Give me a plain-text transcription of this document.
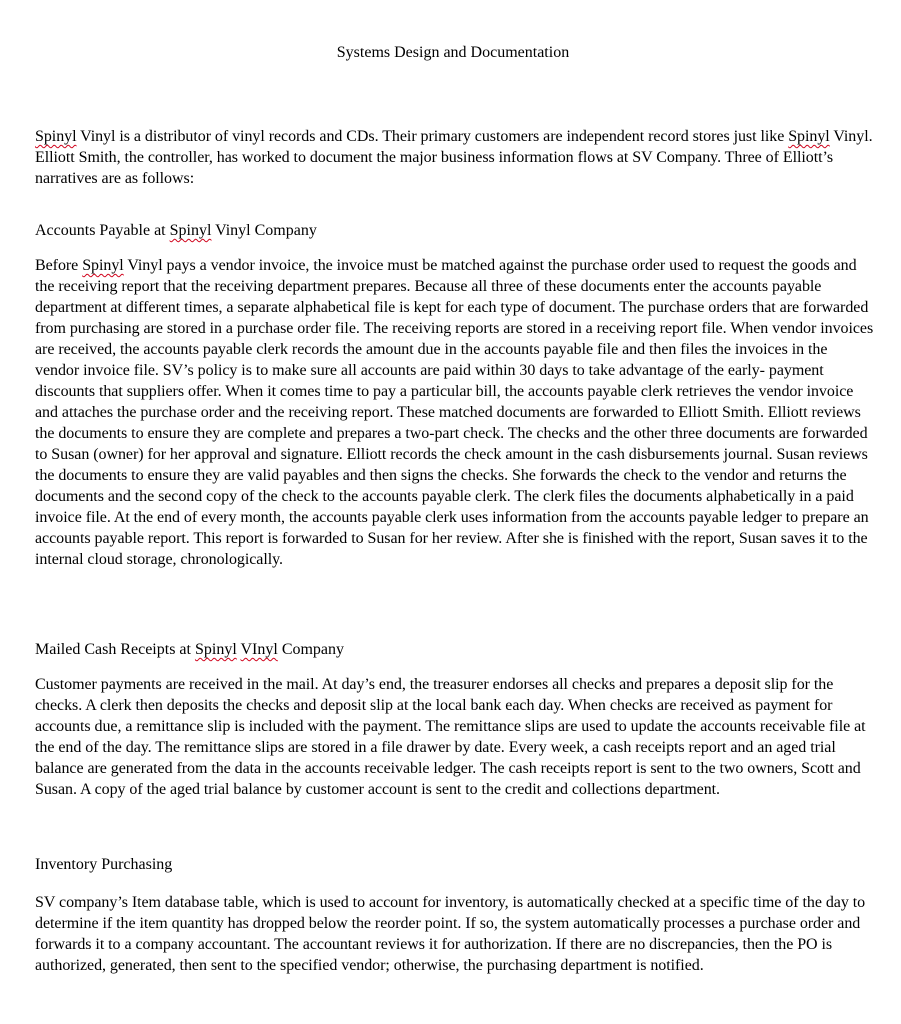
Systems Design and Documentation
Spinyl Vinyl is a distributor of vinyl records and CDs. Their primary customers are independent record stores just like Spinyl Vinyl. Elliott Smith, the controller, has worked to document the major business information flows at SV Company. Three of Elliott’s narratives are as follows:
Accounts Payable at Spinyl Vinyl Company
Before Spinyl Vinyl pays a vendor invoice, the invoice must be matched against the purchase order used to request the goods and the receiving report that the receiving department prepares. Because all three of these documents enter the accounts payable department at different times, a separate alphabetical file is kept for each type of document. The purchase orders that are forwarded from purchasing are stored in a purchase order file. The receiving reports are stored in a receiving report file. When vendor invoices are received, the accounts payable clerk records the amount due in the accounts payable file and then files the invoices in the vendor invoice file. SV’s policy is to make sure all accounts are paid within 30 days to take advantage of the early- payment discounts that suppliers offer. When it comes time to pay a particular bill, the accounts payable clerk retrieves the vendor invoice and attaches the purchase order and the receiving report. These matched documents are forwarded to Elliott Smith. Elliott reviews the documents to ensure they are complete and prepares a two-part check. The checks and the other three documents are forwarded to Susan (owner) for her approval and signature. Elliott records the check amount in the cash disbursements journal. Susan reviews the documents to ensure they are valid payables and then signs the checks. She forwards the check to the vendor and returns the documents and the second copy of the check to the accounts payable clerk. The clerk files the documents alphabetically in a paid invoice file. At the end of every month, the accounts payable clerk uses information from the accounts payable ledger to prepare an accounts payable report. This report is forwarded to Susan for her review. After she is finished with the report, Susan saves it to the internal cloud storage, chronologically.
Mailed Cash Receipts at Spinyl VInyl Company
Customer payments are received in the mail. At day’s end, the treasurer endorses all checks and prepares a deposit slip for the checks. A clerk then deposits the checks and deposit slip at the local bank each day. When checks are received as payment for accounts due, a remittance slip is included with the payment. The remittance slips are used to update the accounts receivable file at the end of the day. The remittance slips are stored in a file drawer by date. Every week, a cash receipts report and an aged trial balance are generated from the data in the accounts receivable ledger. The cash receipts report is sent to the two owners, Scott and Susan. A copy of the aged trial balance by customer account is sent to the credit and collections department.
Inventory Purchasing
SV company’s Item database table, which is used to account for inventory, is automatically checked at a specific time of the day to determine if the item quantity has dropped below the reorder point. If so, the system automatically processes a purchase order and forwards it to a company accountant. The accountant reviews it for authorization. If there are no discrepancies, then the PO is authorized, generated, then sent to the specified vendor; otherwise, the purchasing department is notified.
